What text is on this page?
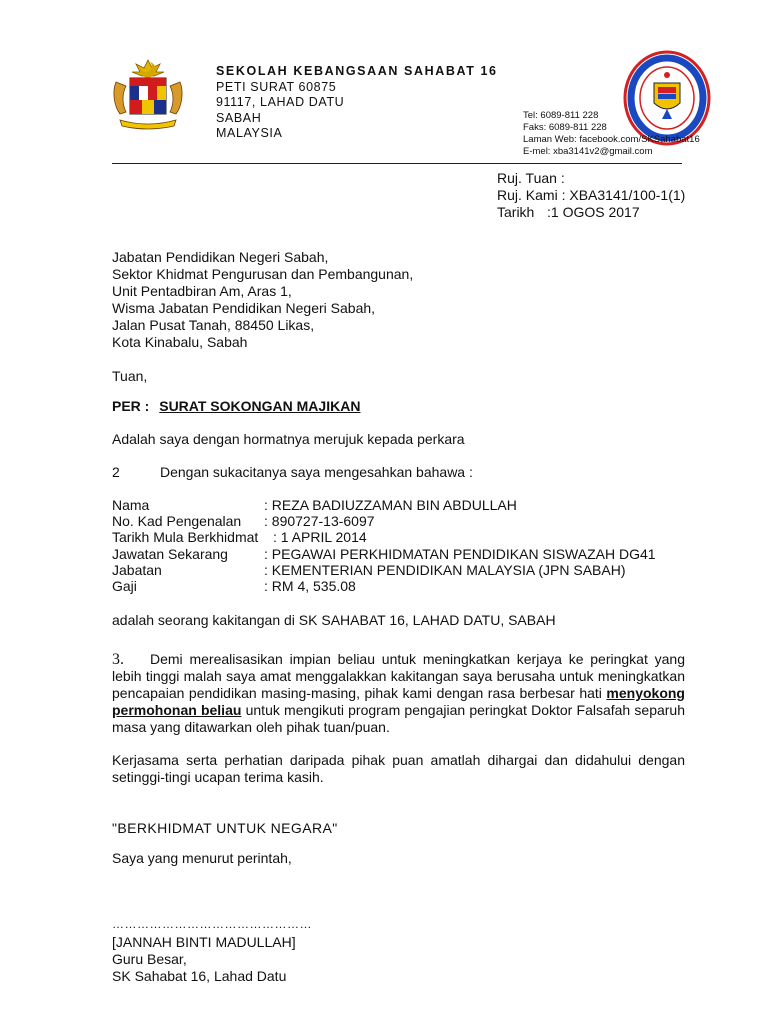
SEKOLAH KEBANGSAAN SAHABAT 16
PETI SURAT 60875
91117, LAHAD DATU
SABAH
MALAYSIA
Tel: 6089-811 228
Faks: 6089-811 228
Laman Web: facebook.com/SKSahabat16
E-mel: xba3141v2@gmail.com
Ruj. Tuan :
Ruj. Kami : XBA3141/100-1(1)
Tarikh :1 OGOS 2017
Jabatan Pendidikan Negeri Sabah,
Sektor Khidmat Pengurusan dan Pembangunan,
Unit Pentadbiran Am, Aras 1,
Wisma Jabatan Pendidikan Negeri Sabah,
Jalan Pusat Tanah, 88450 Likas,
Kota Kinabalu, Sabah
Tuan,
PER : SURAT SOKONGAN MAJIKAN
Adalah saya dengan hormatnya merujuk kepada perkara
2	Dengan sukacitanya saya mengesahkan bahawa :
Nama	: REZA BADIUZZAMAN BIN ABDULLAH
No. Kad Pengenalan : 890727-13-6097
Tarikh Mula Berkhidmat : 1 APRIL 2014
Jawatan Sekarang	: PEGAWAI PERKHIDMATAN PENDIDIKAN SISWAZAH DG41
Jabatan	: KEMENTERIAN PENDIDIKAN MALAYSIA (JPN SABAH)
Gaji	: RM 4, 535.08
adalah seorang kakitangan di SK SAHABAT 16, LAHAD DATU, SABAH
3. Demi merealisasikan impian beliau untuk meningkatkan kerjaya ke peringkat yang lebih tinggi malah saya amat menggalakkan kakitangan saya berusaha untuk meningkatkan pencapaian pendidikan masing-masing, pihak kami dengan rasa berbesar hati menyokong permohonan beliau untuk mengikuti program pengajian peringkat Doktor Falsafah separuh masa yang ditawarkan oleh pihak tuan/puan.
Kerjasama serta perhatian daripada pihak puan amatlah dihargai dan didahului dengan setinggi-tingi ucapan terima kasih.
"BERKHIDMAT UNTUK NEGARA"
Saya yang menurut perintah,
…………………………………………
[JANNAH BINTI MADULLAH]
Guru Besar,
SK Sahabat 16, Lahad Datu
